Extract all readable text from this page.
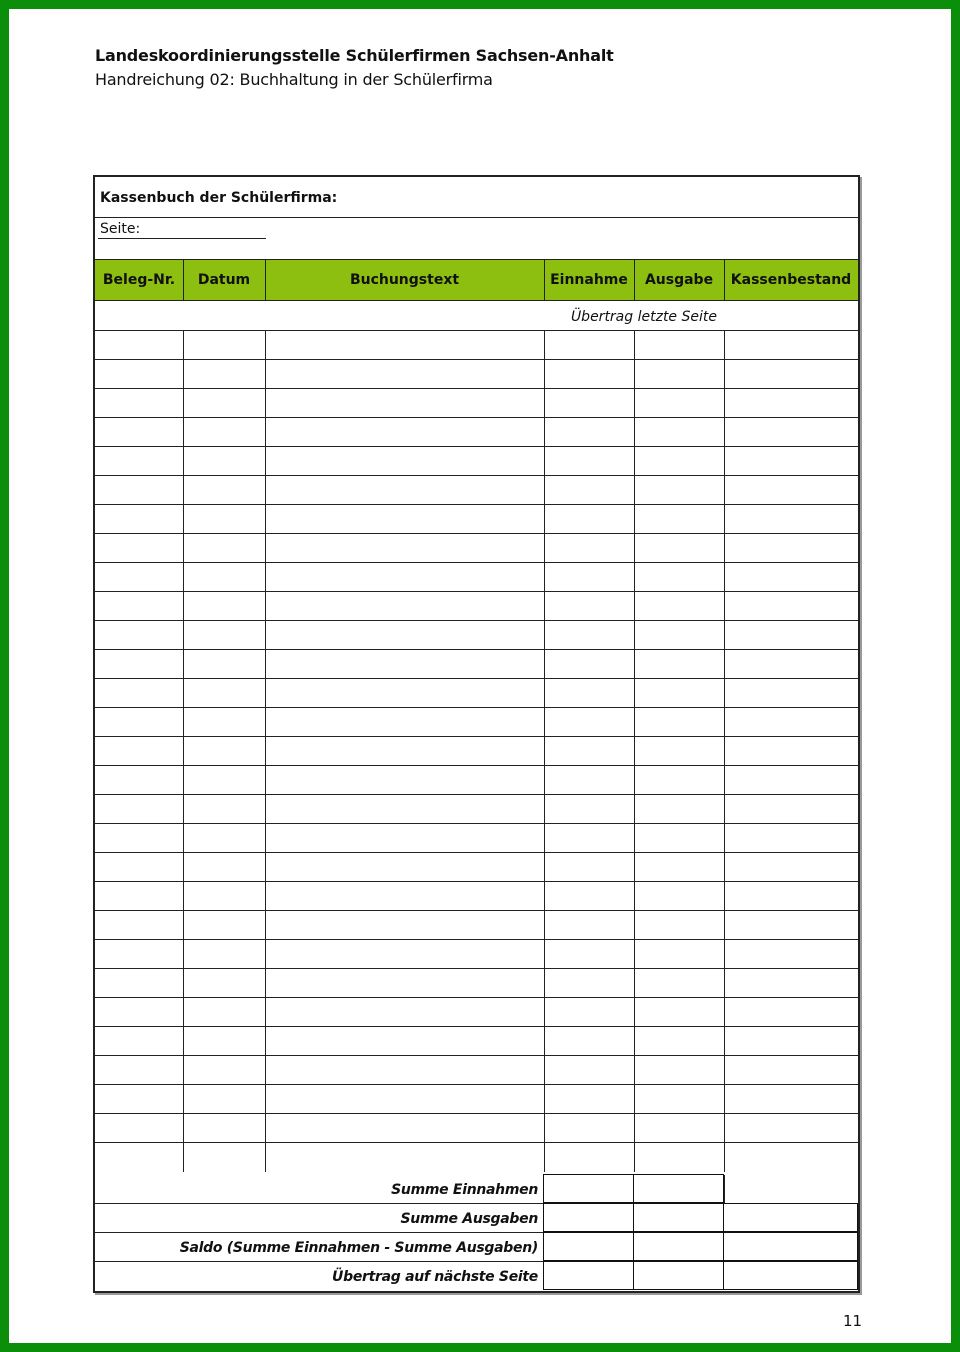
Landeskoordinierungsstelle Schülerfirmen Sachsen-Anhalt
Handreichung 02: Buchhaltung in der Schülerfirma
Kassenbuch der Schülerfirma:
Seite:
Beleg-Nr.	Datum	Buchungstext	Einnahme	Ausgabe	Kassenbestand
Übertrag letzte Seite
Summe Einnahmen
Summe Ausgaben
Saldo (Summe Einnahmen - Summe Ausgaben)
Übertrag auf nächste Seite
11
